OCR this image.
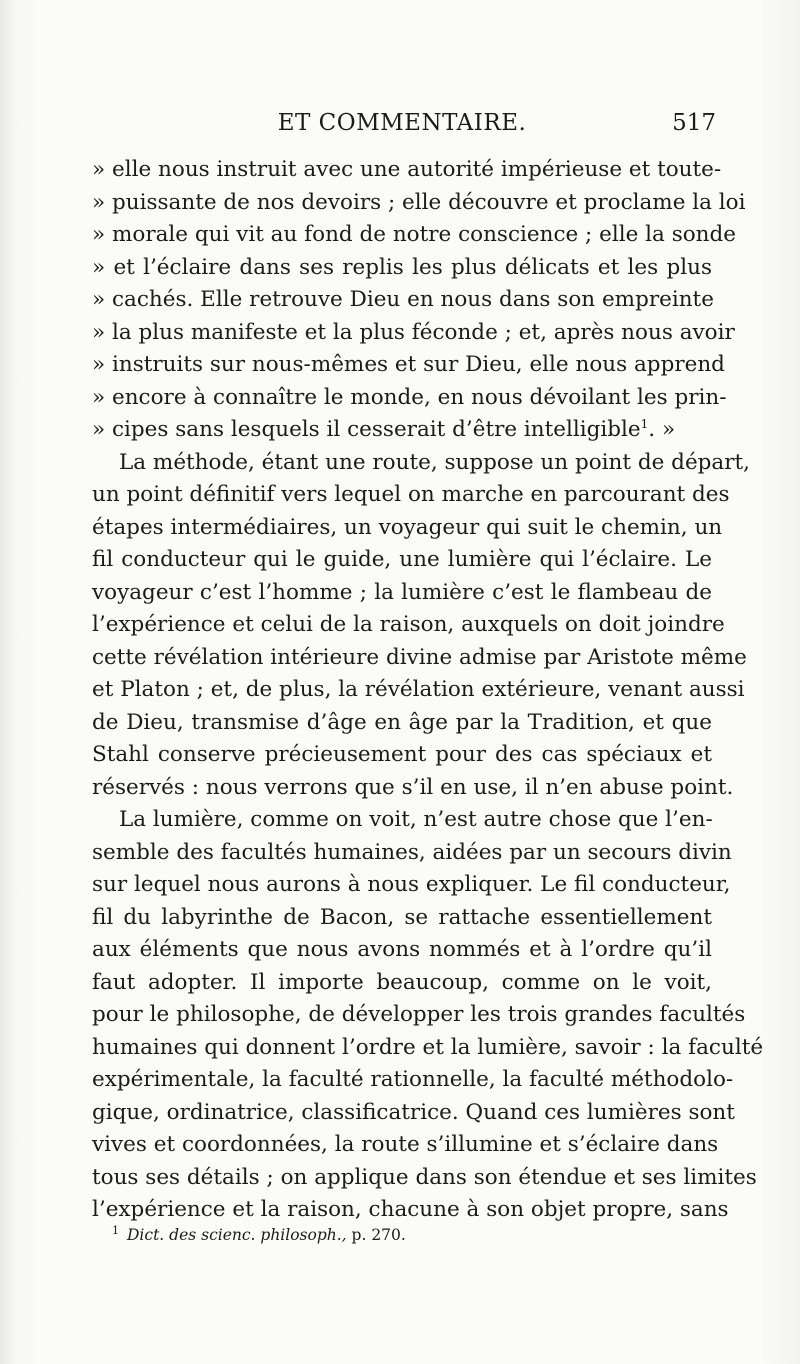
ET COMMENTAIRE.	517
» elle nous instruit avec une autorité impérieuse et toute-
» puissante de nos devoirs ; elle découvre et proclame la loi
» morale qui vit au fond de notre conscience ; elle la sonde
» et l’éclaire dans ses replis les plus délicats et les plus
» cachés. Elle retrouve Dieu en nous dans son empreinte
» la plus manifeste et la plus féconde ; et, après nous avoir
» instruits sur nous-mêmes et sur Dieu, elle nous apprend
» encore à connaître le monde, en nous dévoilant les prin-
» cipes sans lesquels il cesserait d’être intelligible$^1$. »
La méthode, étant une route, suppose un point de départ,
un point définitif vers lequel on marche en parcourant des
étapes intermédiaires, un voyageur qui suit le chemin, un
fil conducteur qui le guide, une lumière qui l’éclaire. Le
voyageur c’est l’homme ; la lumière c’est le flambeau de
l’expérience et celui de la raison, auxquels on doit joindre
cette révélation intérieure divine admise par Aristote même
et Platon ; et, de plus, la révélation extérieure, venant aussi
de Dieu, transmise d’âge en âge par la Tradition, et que
Stahl conserve précieusement pour des cas spéciaux et
réservés : nous verrons que s’il en use, il n’en abuse point.
La lumière, comme on voit, n’est autre chose que l’en-
semble des facultés humaines, aidées par un secours divin
sur lequel nous aurons à nous expliquer. Le fil conducteur,
fil du labyrinthe de Bacon, se rattache essentiellement
aux éléments que nous avons nommés et à l’ordre qu’il
faut adopter. Il importe beaucoup, comme on le voit,
pour le philosophe, de développer les trois grandes facultés
humaines qui donnent l’ordre et la lumière, savoir : la faculté
expérimentale, la faculté rationnelle, la faculté méthodolo-
gique, ordinatrice, classificatrice. Quand ces lumières sont
vives et coordonnées, la route s’illumine et s’éclaire dans
tous ses détails ; on applique dans son étendue et ses limites
l’expérience et la raison, chacune à son objet propre, sans
$^1$ Dict. des scienc. philosoph., p. 270.
